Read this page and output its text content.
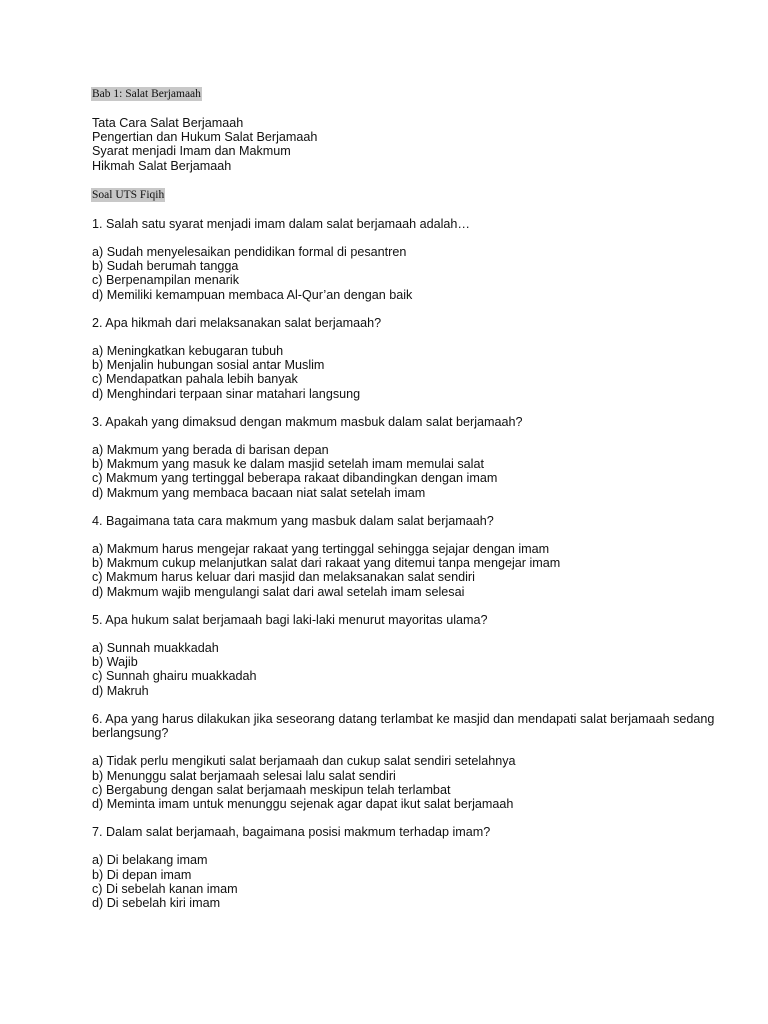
Bab 1: Salat Berjamaah
Tata Cara Salat Berjamaah
Pengertian dan Hukum Salat Berjamaah
Syarat menjadi Imam dan Makmum
Hikmah Salat Berjamaah
Soal UTS Fiqih
1. Salah satu syarat menjadi imam dalam salat berjamaah adalah…
a) Sudah menyelesaikan pendidikan formal di pesantren
b) Sudah berumah tangga
c) Berpenampilan menarik
d) Memiliki kemampuan membaca Al-Qur’an dengan baik
2. Apa hikmah dari melaksanakan salat berjamaah?
a) Meningkatkan kebugaran tubuh
b) Menjalin hubungan sosial antar Muslim
c) Mendapatkan pahala lebih banyak
d) Menghindari terpaan sinar matahari langsung
3. Apakah yang dimaksud dengan makmum masbuk dalam salat berjamaah?
a) Makmum yang berada di barisan depan
b) Makmum yang masuk ke dalam masjid setelah imam memulai salat
c) Makmum yang tertinggal beberapa rakaat dibandingkan dengan imam
d) Makmum yang membaca bacaan niat salat setelah imam
4. Bagaimana tata cara makmum yang masbuk dalam salat berjamaah?
a) Makmum harus mengejar rakaat yang tertinggal sehingga sejajar dengan imam
b) Makmum cukup melanjutkan salat dari rakaat yang ditemui tanpa mengejar imam
c) Makmum harus keluar dari masjid dan melaksanakan salat sendiri
d) Makmum wajib mengulangi salat dari awal setelah imam selesai
5. Apa hukum salat berjamaah bagi laki-laki menurut mayoritas ulama?
a) Sunnah muakkadah
b) Wajib
c) Sunnah ghairu muakkadah
d) Makruh
6. Apa yang harus dilakukan jika seseorang datang terlambat ke masjid dan mendapati salat berjamaah sedang berlangsung?
a) Tidak perlu mengikuti salat berjamaah dan cukup salat sendiri setelahnya
b) Menunggu salat berjamaah selesai lalu salat sendiri
c) Bergabung dengan salat berjamaah meskipun telah terlambat
d) Meminta imam untuk menunggu sejenak agar dapat ikut salat berjamaah
7. Dalam salat berjamaah, bagaimana posisi makmum terhadap imam?
a) Di belakang imam
b) Di depan imam
c) Di sebelah kanan imam
d) Di sebelah kiri imam
